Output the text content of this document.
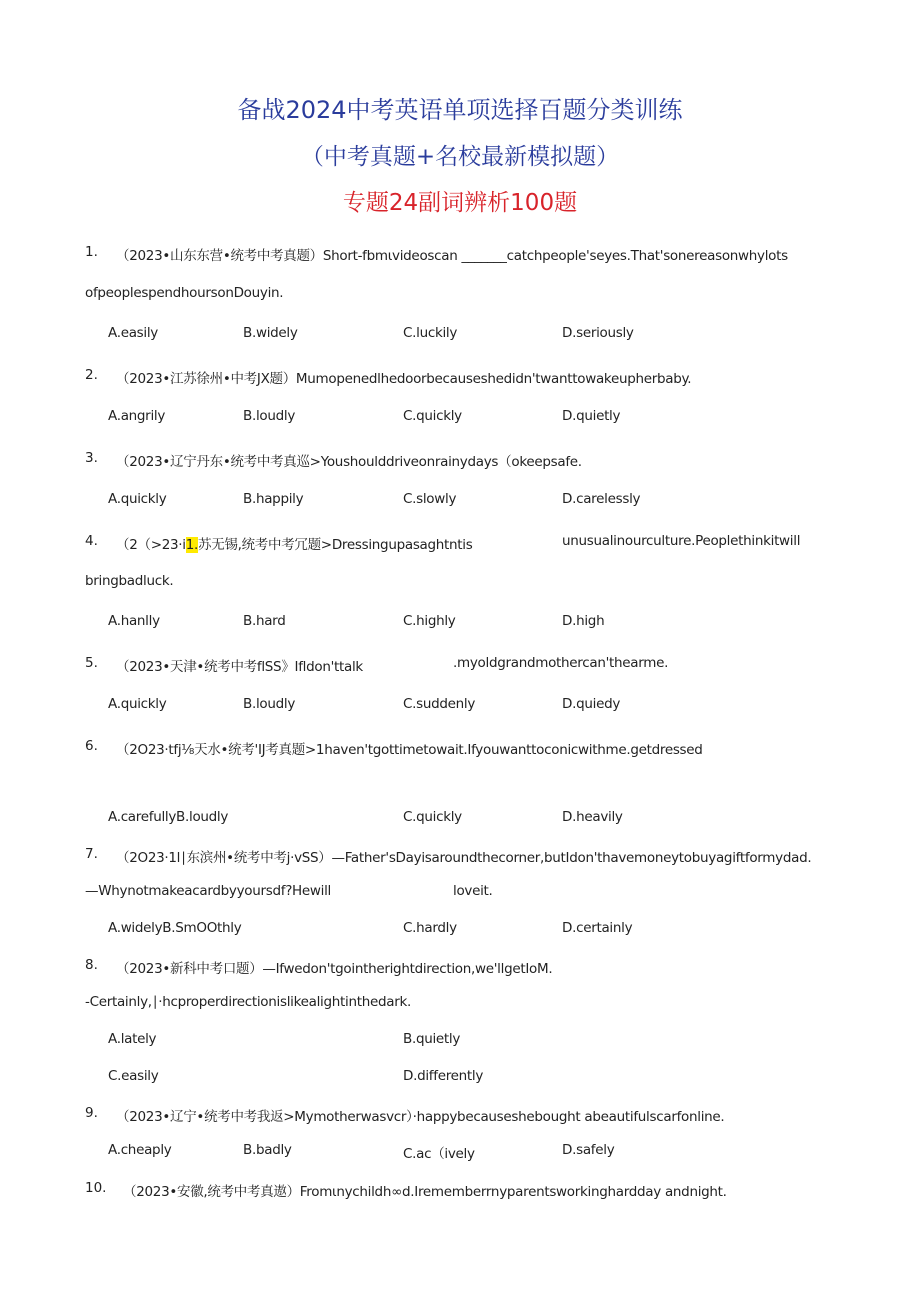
备战2024中考英语单项选择百题分类训练
（中考真题+名校最新模拟题）
专题24副词辨析100题
1. （2023•山东东营•统考中考真题）Short-fbmιvideoscan _______catchpeople'seyes.That'sonereasonwhylots
ofpeoplespendhoursonDouyin.
A.easily	B.widely	C.luckily	D.seriously
2. （2023•江苏徐州•中考JX题）Mumopenedlhedoorbecauseshedidn'twanttowakeupherbaby.
A.angrily	B.loudly	C.quickly	D.quietly
3. （2023•辽宁丹东•统考中考真巡>Youshoulddriveonrainydays（okeepsafe.
A.quickly	B.happily	C.slowly	D.carelessly
4. （2（>23·i1.苏无锡,统考中考冗题>Dressingupasaghtntis	unusualinourculture.Peoplethinkitwill
bringbadluck.
A.hanlly	B.hard	C.highly	D.high
5. （2023•天津•统考中考flSS》Ifldon'ttalk	.myoldgrandmothercan'thearme.
A.quickly	B.loudly	C.suddenly	D.quiedy
6. （2O23·tfj⅛天水•统考'IJ考真题>1haven'tgottimetowait.Ifyouwanttoconicwithme.getdressed
A.carefullyB.loudly	C.quickly	D.heavily
7. （2O23·1l∣东滨州•统考中考j·vSS）—Father'sDayisaroundthecorner,butIdon'thavemoneytobuyagiftformydad.
—Whynotmakeacardbyyoursdf?Hewill	loveit.
A.widelyB.SmOOthly	C.hardly	D.certainly
8. （2023•新科中考口题）—Ifwedon'tgointherightdirection,we'llgetIoM.
-Certainly,∣·hcproperdirectionislikealightinthedark.
A.lately	B.quietly
C.easily	D.differently
9. （2023•辽宁•统考中考我返>Mymotherwasvcr）·happybecauseshebought abeautifulscarfonline.
A.cheaply	B.badly	C.ac（ively	D.safely
10. （2023•安徽,统考中考真遨）Fromιnychildh∞d.Irememberrnyparentsworkinghardday andnight.
